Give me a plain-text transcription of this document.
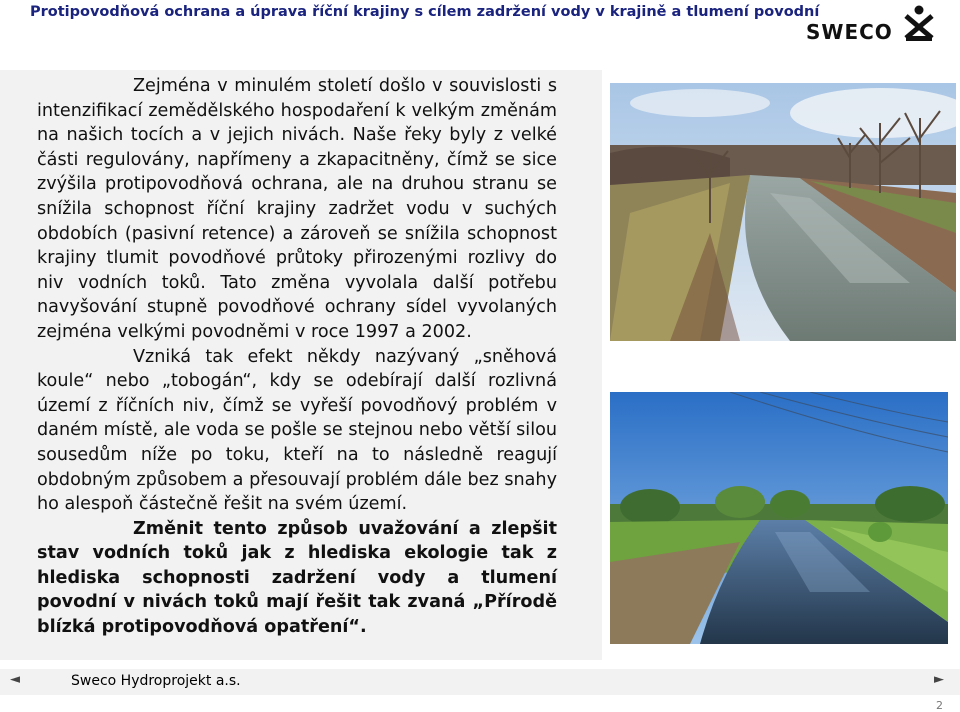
Protipovodňová ochrana a úprava říční krajiny s cílem zadržení vody v krajině a tlumení povodní
SWECO

Zejména v minulém století došlo v souvislosti s intenzifikací zemědělského hospodaření k velkým změnám na našich tocích a v jejich nivách. Naše řeky byly z velké části regulovány, napřímeny a zkapacitněny, čímž se sice zvýšila protipovodňová ochrana, ale na druhou stranu se snížila schopnost říční krajiny zadržet vodu v suchých obdobích (pasivní retence) a zároveň se snížila schopnost krajiny tlumit povodňové průtoky přirozenými rozlivy do niv vodních toků. Tato změna vyvolala další potřebu navyšování stupně povodňové ochrany sídel vyvolaných zejména velkými povodněmi v roce 1997 a 2002.

Vzniká tak efekt někdy nazývaný „sněhová koule“ nebo „tobogán“, kdy se odebírají další rozlivná území z říčních niv, čímž se vyřeší povodňový problém v daném místě, ale voda se pošle se stejnou nebo větší silou sousedům níže po toku, kteří na to následně reagují obdobným způsobem a přesouvají problém dále bez snahy ho alespoň částečně řešit na svém území.

Změnit tento způsob uvažování a zlepšit stav vodních toků jak z hlediska ekologie tak z hlediska schopnosti zadržení vody a tlumení povodní v nivách toků mají řešit tak zvaná „Přírodě blízká protipovodňová opatření“.

◄	Sweco Hydroprojekt a.s.	►
2
